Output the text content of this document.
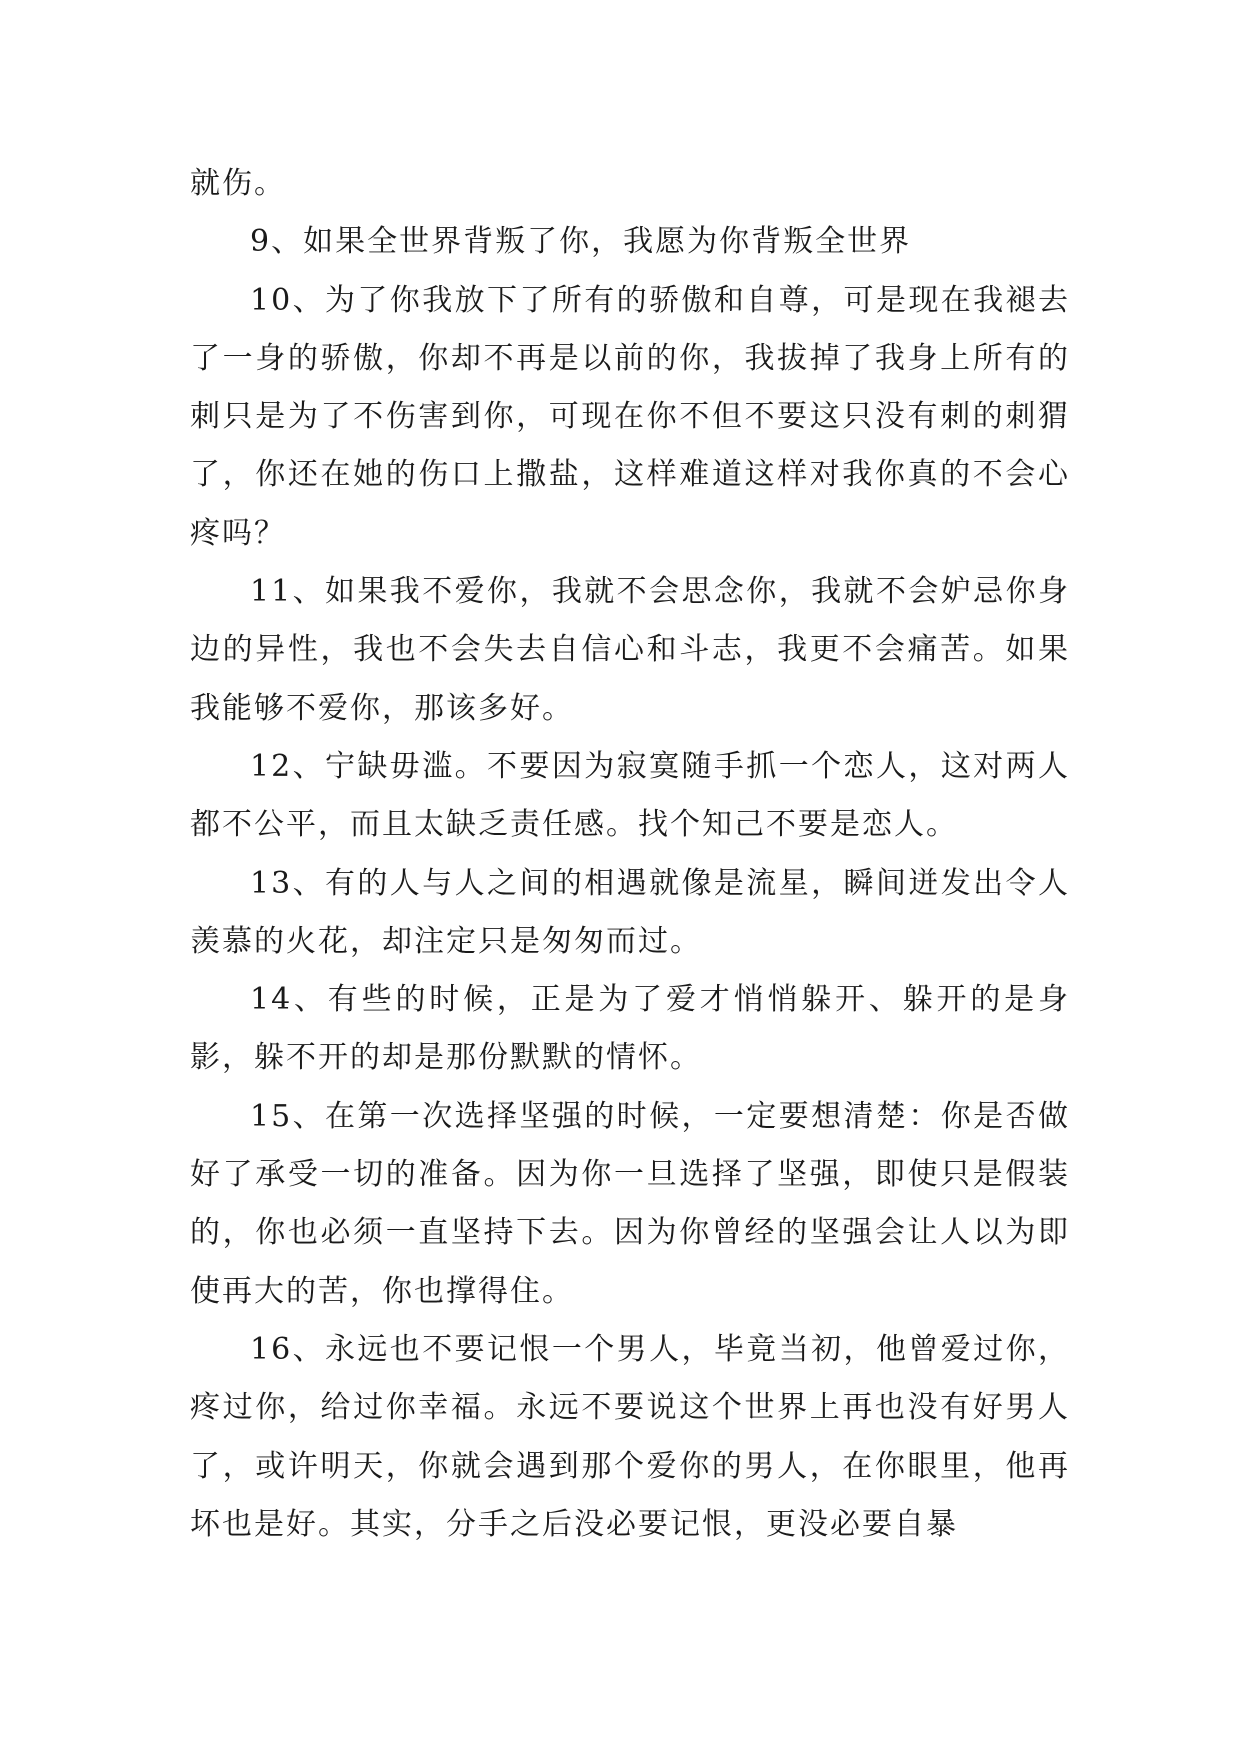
就伤。

9、如果全世界背叛了你，我愿为你背叛全世界

10、为了你我放下了所有的骄傲和自尊，可是现在我褪去了一身的骄傲，你却不再是以前的你，我拔掉了我身上所有的刺只是为了不伤害到你，可现在你不但不要这只没有刺的刺猬了，你还在她的伤口上撒盐，这样难道这样对我你真的不会心疼吗？

11、如果我不爱你，我就不会思念你，我就不会妒忌你身边的异性，我也不会失去自信心和斗志，我更不会痛苦。如果我能够不爱你，那该多好。

12、宁缺毋滥。不要因为寂寞随手抓一个恋人，这对两人都不公平，而且太缺乏责任感。找个知己不要是恋人。

13、有的人与人之间的相遇就像是流星，瞬间迸发出令人羡慕的火花，却注定只是匆匆而过。

14、有些的时候，正是为了爱才悄悄躲开、躲开的是身影，躲不开的却是那份默默的情怀。

15、在第一次选择坚强的时候，一定要想清楚：你是否做好了承受一切的准备。因为你一旦选择了坚强，即使只是假装的，你也必须一直坚持下去。因为你曾经的坚强会让人以为即使再大的苦，你也撑得住。

16、永远也不要记恨一个男人，毕竟当初，他曾爱过你，疼过你，给过你幸福。永远不要说这个世界上再也没有好男人了，或许明天，你就会遇到那个爱你的男人，在你眼里，他再坏也是好。其实，分手之后没必要记恨，更没必要自暴
